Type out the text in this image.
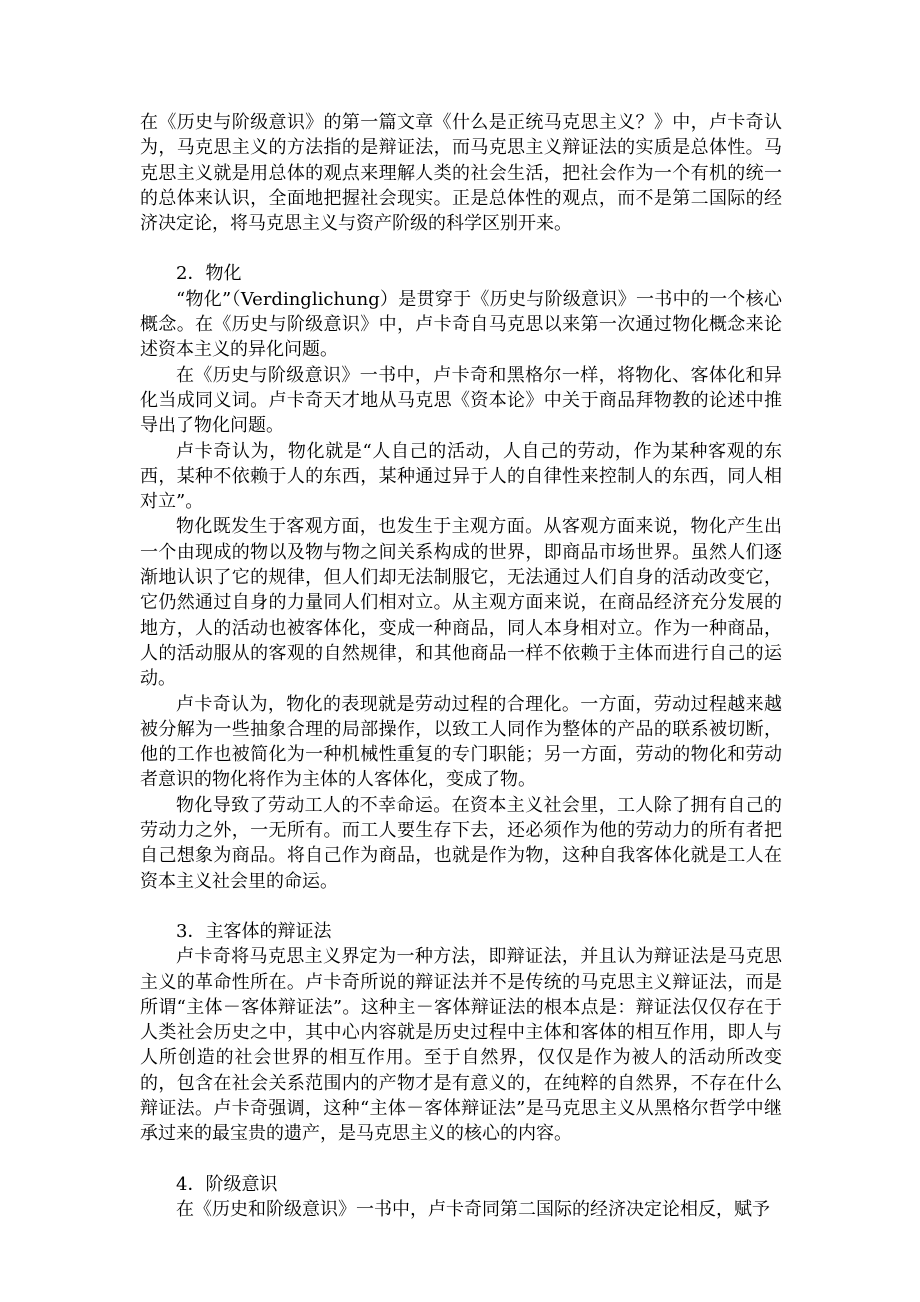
在《历史与阶级意识》的第一篇文章《什么是正统马克思主义？》中，卢卡奇认为，马克思主义的方法指的是辩证法，而马克思主义辩证法的实质是总体性。马克思主义就是用总体的观点来理解人类的社会生活，把社会作为一个有机的统一的总体来认识，全面地把握社会现实。正是总体性的观点，而不是第二国际的经济决定论，将马克思主义与资产阶级的科学区别开来。

2．物化

“物化”（Verdinglichung）是贯穿于《历史与阶级意识》一书中的一个核心概念。在《历史与阶级意识》中，卢卡奇自马克思以来第一次通过物化概念来论述资本主义的异化问题。

在《历史与阶级意识》一书中，卢卡奇和黑格尔一样，将物化、客体化和异化当成同义词。卢卡奇天才地从马克思《资本论》中关于商品拜物教的论述中推导出了物化问题。

卢卡奇认为，物化就是“人自己的活动，人自己的劳动，作为某种客观的东西，某种不依赖于人的东西，某种通过异于人的自律性来控制人的东西，同人相对立”。

物化既发生于客观方面，也发生于主观方面。从客观方面来说，物化产生出一个由现成的物以及物与物之间关系构成的世界，即商品市场世界。虽然人们逐渐地认识了它的规律，但人们却无法制服它，无法通过人们自身的活动改变它，它仍然通过自身的力量同人们相对立。从主观方面来说，在商品经济充分发展的地方，人的活动也被客体化，变成一种商品，同人本身相对立。作为一种商品，人的活动服从的客观的自然规律，和其他商品一样不依赖于主体而进行自己的运动。

卢卡奇认为，物化的表现就是劳动过程的合理化。一方面，劳动过程越来越被分解为一些抽象合理的局部操作，以致工人同作为整体的产品的联系被切断，他的工作也被简化为一种机械性重复的专门职能；另一方面，劳动的物化和劳动者意识的物化将作为主体的人客体化，变成了物。

物化导致了劳动工人的不幸命运。在资本主义社会里，工人除了拥有自己的劳动力之外，一无所有。而工人要生存下去，还必须作为他的劳动力的所有者把自己想象为商品。将自己作为商品，也就是作为物，这种自我客体化就是工人在资本主义社会里的命运。

3．主客体的辩证法

卢卡奇将马克思主义界定为一种方法，即辩证法，并且认为辩证法是马克思主义的革命性所在。卢卡奇所说的辩证法并不是传统的马克思主义辩证法，而是所谓“主体－客体辩证法”。这种主－客体辩证法的根本点是：辩证法仅仅存在于人类社会历史之中，其中心内容就是历史过程中主体和客体的相互作用，即人与人所创造的社会世界的相互作用。至于自然界，仅仅是作为被人的活动所改变的，包含在社会关系范围内的产物才是有意义的，在纯粹的自然界，不存在什么辩证法。卢卡奇强调，这种“主体－客体辩证法”是马克思主义从黑格尔哲学中继承过来的最宝贵的遗产，是马克思主义的核心的内容。

4．阶级意识

在《历史和阶级意识》一书中，卢卡奇同第二国际的经济决定论相反，赋予
